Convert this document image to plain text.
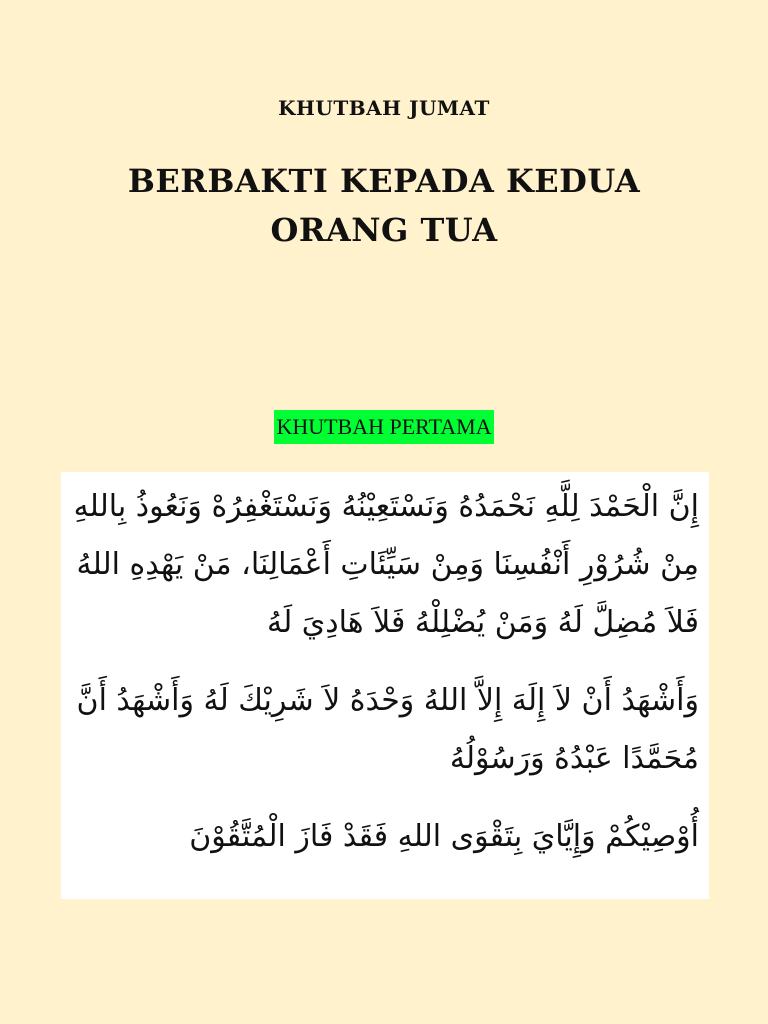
KHUTBAH JUMAT
BERBAKTI KEPADA KEDUA
ORANG TUA
KHUTBAH PERTAMA

إِنَّ الْحَمْدَ لِلَّهِ نَحْمَدُهُ وَنَسْتَعِيْنُهُ وَنَسْتَغْفِرُهْ وَنَعُوذُ بِاللهِ مِنْ شُرُوْرِ أَنْفُسِنَا وَمِنْ سَيِّئَاتِ أَعْمَالِنَا، مَنْ يَهْدِهِ اللهُ فَلاَ مُضِلَّ لَهُ وَمَنْ يُضْلِلْهُ فَلاَ هَادِيَ لَهُ

وَأَشْهَدُ أَنْ لاَ إِلَهَ إِلاَّ اللهُ وَحْدَهُ لاَ شَرِيْكَ لَهُ وَأَشْهَدُ أَنَّ مُحَمَّدًا عَبْدُهُ وَرَسُوْلُهُ

أُوْصِيْكُمْ وَإِيَّايَ بِتَقْوَى اللهِ فَقَدْ فَازَ الْمُتَّقُوْنَ
